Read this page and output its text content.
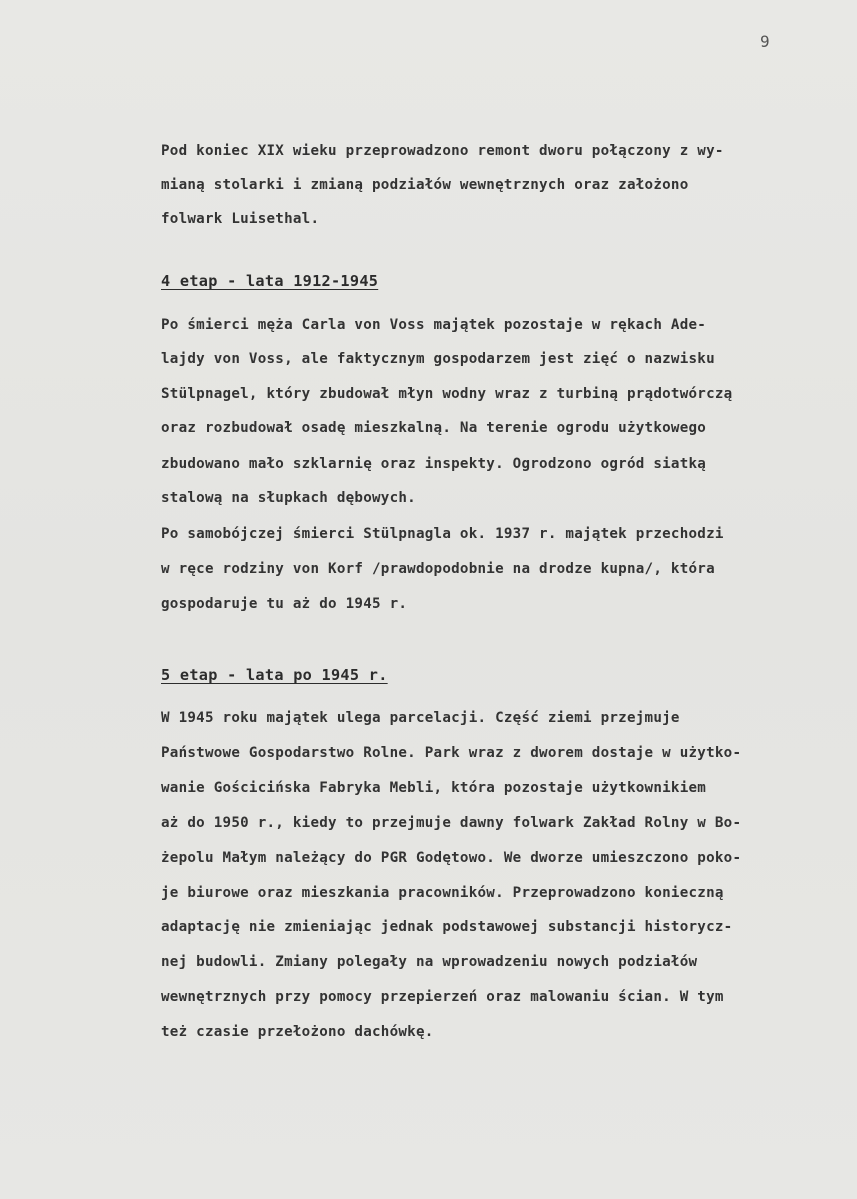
9
Pod koniec XIX wieku przeprowadzono remont dworu połączony z wy-
mianą stolarki i zmianą podziałów wewnętrznych oraz założono
folwark Luisethal.
4 etap - lata 1912-1945
Po śmierci męża Carla von Voss majątek pozostaje w rękach Ade-
lajdy von Voss, ale faktycznym gospodarzem jest zięć o nazwisku
Stülpnagel, który zbudował młyn wodny wraz z turbiną prądotwórczą
oraz rozbudował osadę mieszkalną. Na terenie ogrodu użytkowego
zbudowano mało szklarnię oraz inspekty. Ogrodzono ogród siatką
stalową na słupkach dębowych.
Po samobójczej śmierci Stülpnagla ok. 1937 r. majątek przechodzi
w ręce rodziny von Korf /prawdopodobnie na drodze kupna/, która
gospodaruje tu aż do 1945 r.
5 etap - lata po 1945 r.
W 1945 roku majątek ulega parcelacji. Część ziemi przejmuje
Państwowe Gospodarstwo Rolne. Park wraz z dworem dostaje w użytko-
wanie Gościcińska Fabryka Mebli, która pozostaje użytkownikiem
aż do 1950 r., kiedy to przejmuje dawny folwark Zakład Rolny w Bo-
żepolu Małym należący do PGR Godętowo. We dworze umieszczono poko-
je biurowe oraz mieszkania pracowników. Przeprowadzono konieczną
adaptację nie zmieniając jednak podstawowej substancji historycz-
nej budowli. Zmiany polegały na wprowadzeniu nowych podziałów
wewnętrznych przy pomocy przepierzeń oraz malowaniu ścian. W tym
też czasie przełożono dachówkę.
